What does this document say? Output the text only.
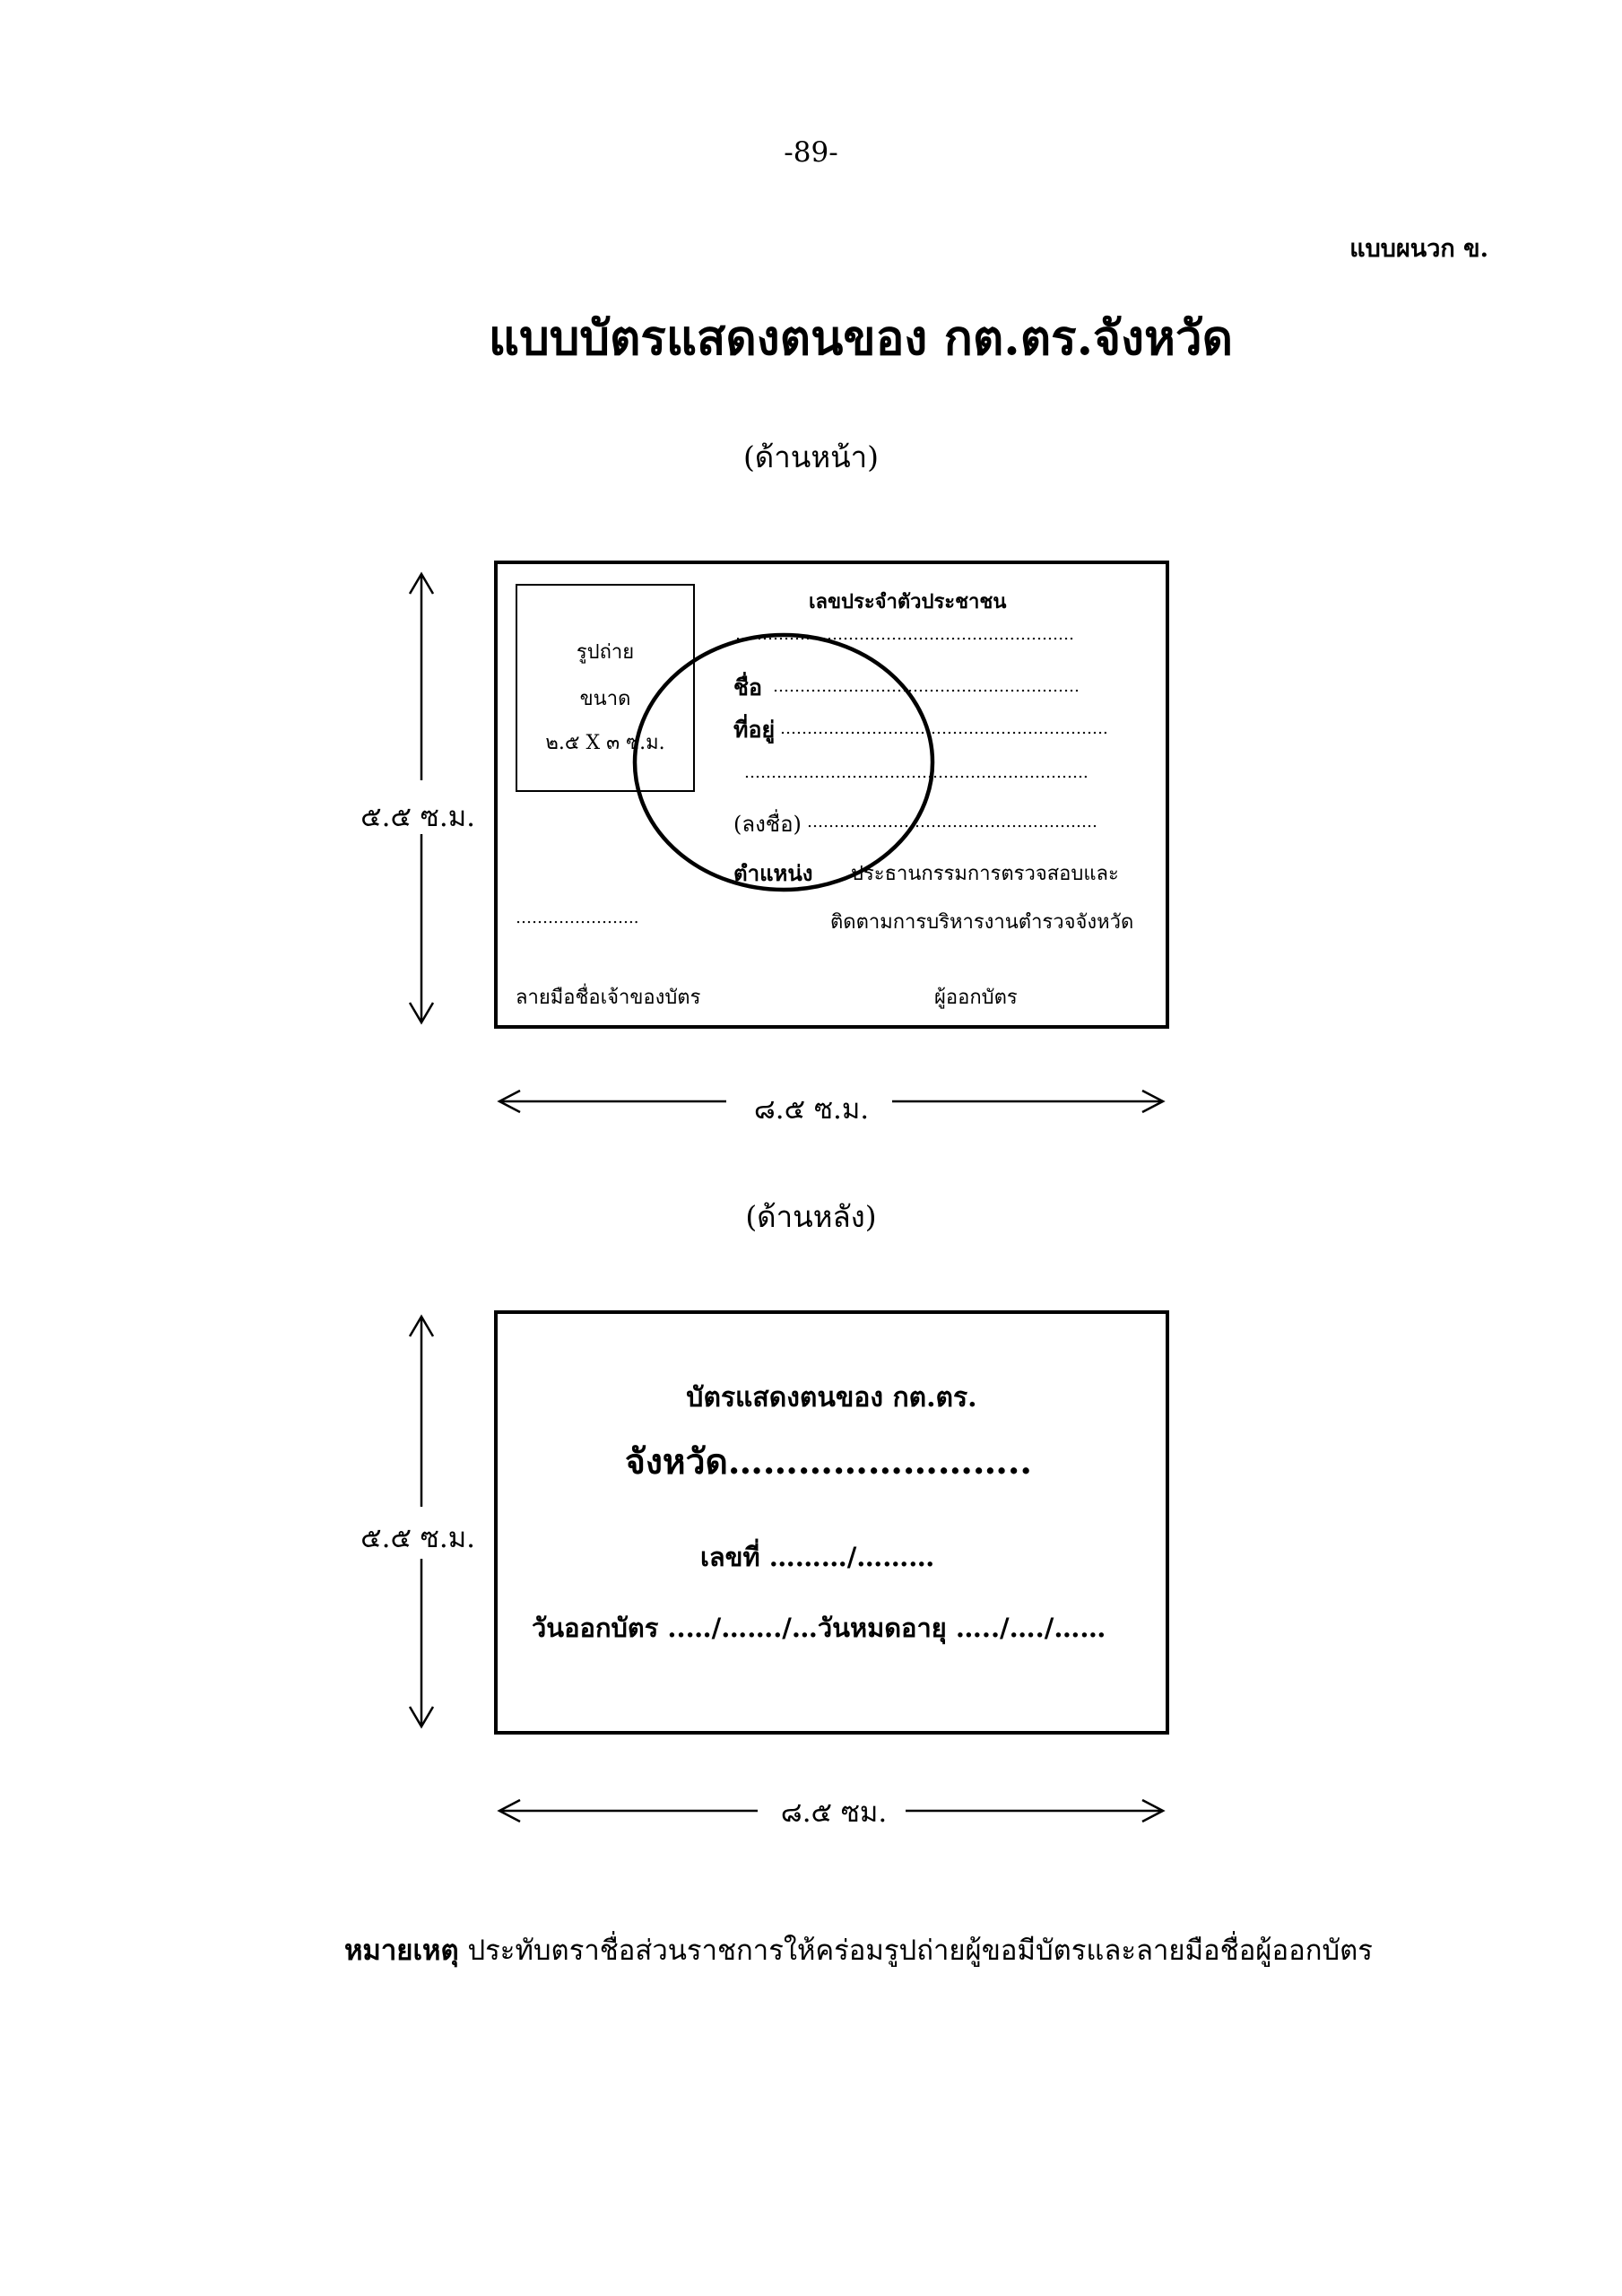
-89-
แบบผนวก ข.
แบบบัตรแสดงตนของ กต.ตร.จังหวัด
(ด้านหน้า)
รูปถ่าย
ขนาด
๒.๕ X ๓ ซ.ม.
เลขประจำตัวประชาชน
………………………………………………………
ชื่อ …………………………………………………
ที่อยู่ …………………………………………………….
……………………………………………………….
(ลงชื่อ) ………………………………………………
ตำแหน่ง ประธานกรรมการตรวจสอบและ
ติดตามการบริหารงานตำรวจจังหวัด
…………………..
ลายมือชื่อเจ้าของบัตร	ผู้ออกบัตร
๕.๕ ซ.ม.
๘.๕ ซ.ม.
(ด้านหลัง)
บัตรแสดงตนของ กต.ตร.
จังหวัด……………………..
เลขที่ ………/………
วันออกบัตร ..…/……./…วันหมดอายุ …../…./……
๕.๕ ซ.ม.
๘.๕ ซม.
หมายเหตุ ประทับตราชื่อส่วนราชการให้คร่อมรูปถ่ายผู้ขอมีบัตรและลายมือชื่อผู้ออกบัตร
